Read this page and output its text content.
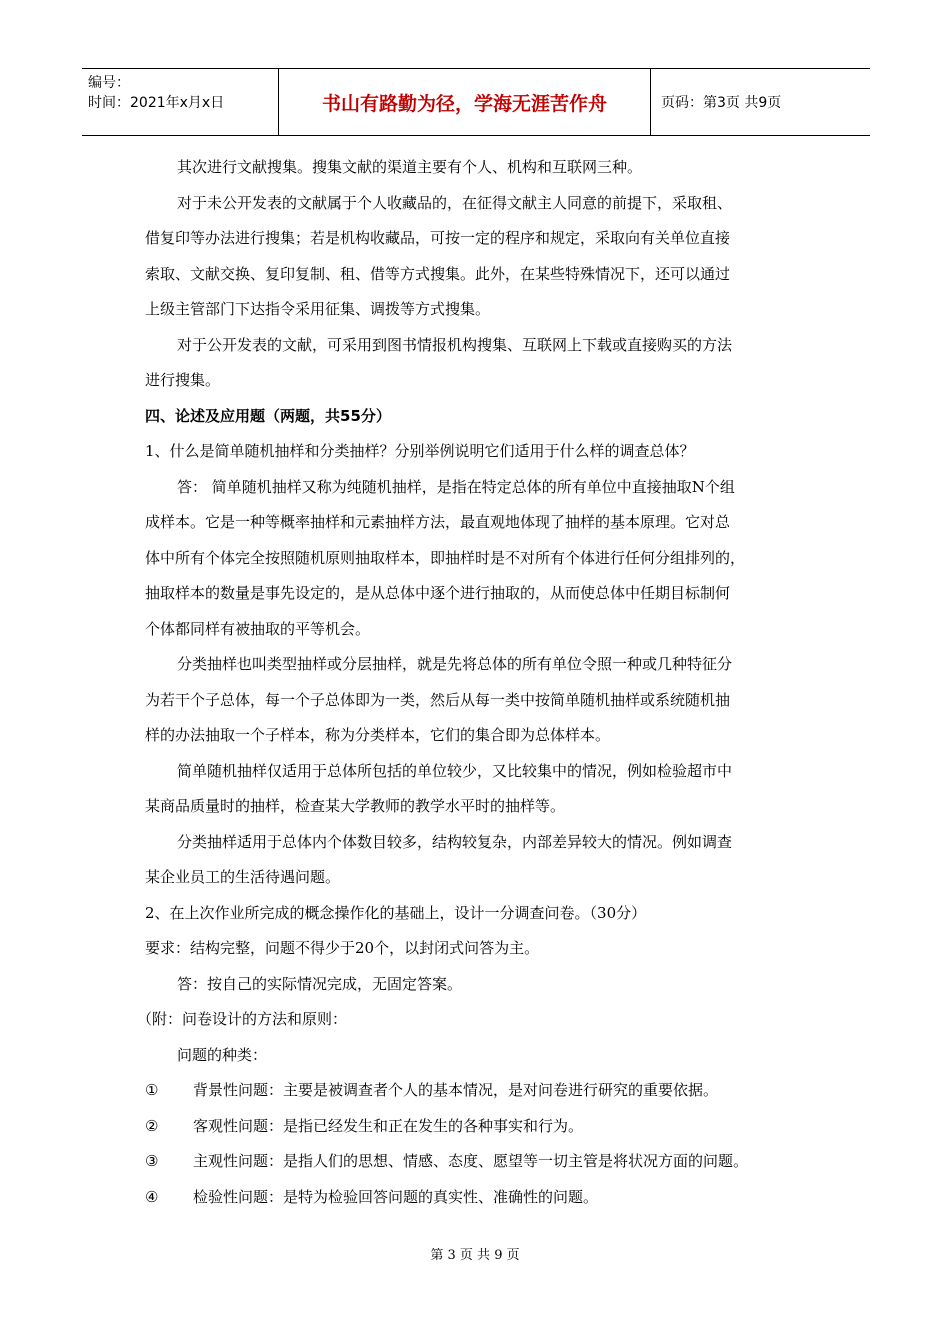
编号：
时间：2021年x月x日	书山有路勤为径，学海无涯苦作舟	页码：第3页 共9页
其次进行文献搜集。搜集文献的渠道主要有个人、机构和互联网三种。
对于未公开发表的文献属于个人收藏品的，在征得文献主人同意的前提下，采取租、
借复印等办法进行搜集；若是机构收藏品，可按一定的程序和规定，采取向有关单位直接
索取、文献交换、复印复制、租、借等方式搜集。此外，在某些特殊情况下，还可以通过
上级主管部门下达指令采用征集、调拨等方式搜集。
对于公开发表的文献，可采用到图书情报机构搜集、互联网上下载或直接购买的方法
进行搜集。
四、论述及应用题（两题，共55分）
1、什么是简单随机抽样和分类抽样？分别举例说明它们适用于什么样的调查总体？
答： 简单随机抽样又称为纯随机抽样，是指在特定总体的所有单位中直接抽取N个组
成样本。它是一种等概率抽样和元素抽样方法，最直观地体现了抽样的基本原理。它对总
体中所有个体完全按照随机原则抽取样本，即抽样时是不对所有个体进行任何分组排列的，
抽取样本的数量是事先设定的，是从总体中逐个进行抽取的，从而使总体中任期目标制何
个体都同样有被抽取的平等机会。
分类抽样也叫类型抽样或分层抽样，就是先将总体的所有单位令照一种或几种特征分
为若干个子总体，每一个子总体即为一类，然后从每一类中按简单随机抽样或系统随机抽
样的办法抽取一个子样本，称为分类样本，它们的集合即为总体样本。
简单随机抽样仅适用于总体所包括的单位较少，又比较集中的情况，例如检验超市中
某商品质量时的抽样，检查某大学教师的教学水平时的抽样等。
分类抽样适用于总体内个体数目较多，结构较复杂，内部差异较大的情况。例如调查
某企业员工的生活待遇问题。
2、在上次作业所完成的概念操作化的基础上，设计一分调查问卷。（30分）
要求：结构完整，问题不得少于20个，以封闭式问答为主。
答：按自己的实际情况完成，无固定答案。
（附：问卷设计的方法和原则：
问题的种类：
① 背景性问题：主要是被调查者个人的基本情况，是对问卷进行研究的重要依据。
② 客观性问题：是指已经发生和正在发生的各种事实和行为。
③ 主观性问题：是指人们的思想、情感、态度、愿望等一切主管是将状况方面的问题。
④ 检验性问题：是特为检验回答问题的真实性、准确性的问题。
第 3 页 共 9 页
